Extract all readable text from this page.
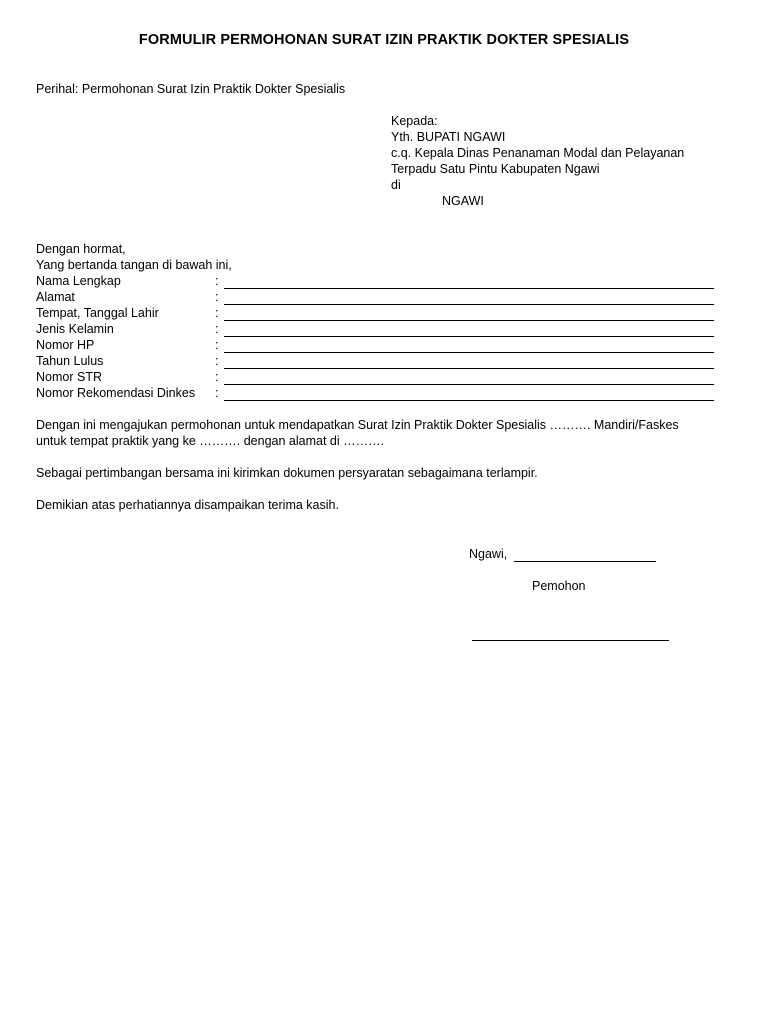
FORMULIR PERMOHONAN SURAT IZIN PRAKTIK DOKTER SPESIALIS
Perihal: Permohonan Surat Izin Praktik Dokter Spesialis
Kepada:
Yth. BUPATI NGAWI
c.q. Kepala Dinas Penanaman Modal dan Pelayanan
Terpadu Satu Pintu Kabupaten Ngawi
di
NGAWI
Dengan hormat,
Yang bertanda tangan di bawah ini,
Nama Lengkap	:
Alamat	:
Tempat, Tanggal Lahir	:
Jenis Kelamin	:
Nomor HP	:
Tahun Lulus	:
Nomor STR	:
Nomor Rekomendasi Dinkes :
Dengan ini mengajukan permohonan untuk mendapatkan Surat Izin Praktik Dokter Spesialis ………. Mandiri/Faskes
untuk tempat praktik yang ke ………. dengan alamat di ……….
Sebagai pertimbangan bersama ini kirimkan dokumen persyaratan sebagaimana terlampir.
Demikian atas perhatiannya disampaikan terima kasih.
Ngawi,
Pemohon
